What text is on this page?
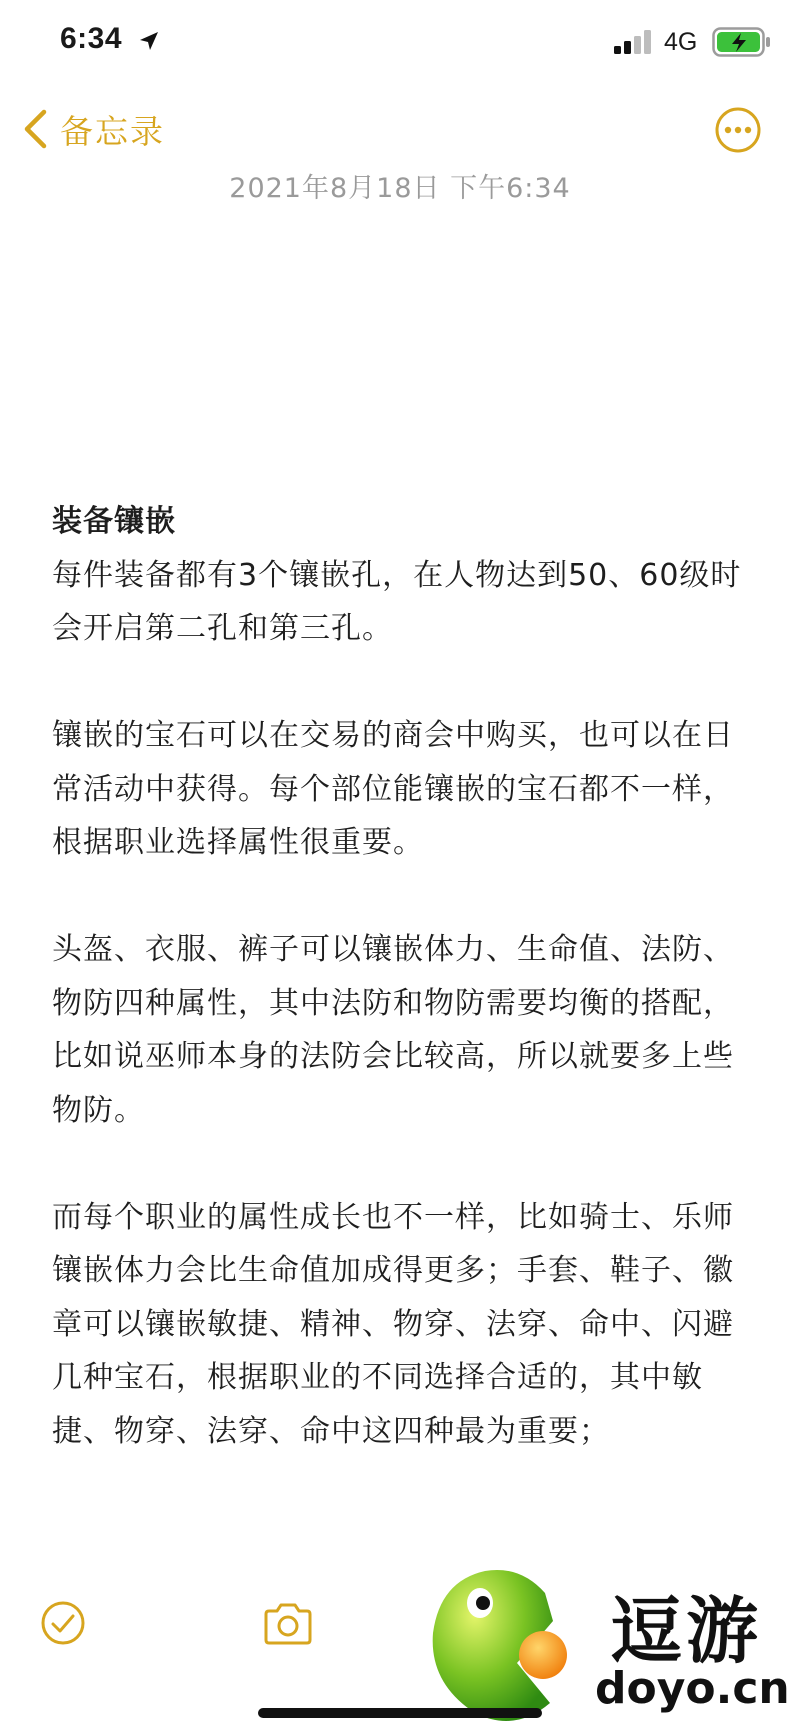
6:34	4G
备忘录
2021年8月18日 下午6:34
装备镶嵌

每件装备都有3个镶嵌孔，在人物达到50、60级时会开启第二孔和第三孔。

镶嵌的宝石可以在交易的商会中购买，也可以在日常活动中获得。每个部位能镶嵌的宝石都不一样，根据职业选择属性很重要。

头盔、衣服、裤子可以镶嵌体力、生命值、法防、物防四种属性，其中法防和物防需要均衡的搭配，比如说巫师本身的法防会比较高，所以就要多上些物防。

而每个职业的属性成长也不一样，比如骑士、乐师镶嵌体力会比生命值加成得更多；手套、鞋子、徽章可以镶嵌敏捷、精神、物穿、法穿、命中、闪避几种宝石，根据职业的不同选择合适的，其中敏捷、物穿、法穿、命中这四种最为重要；

逗游
doyo.cn
